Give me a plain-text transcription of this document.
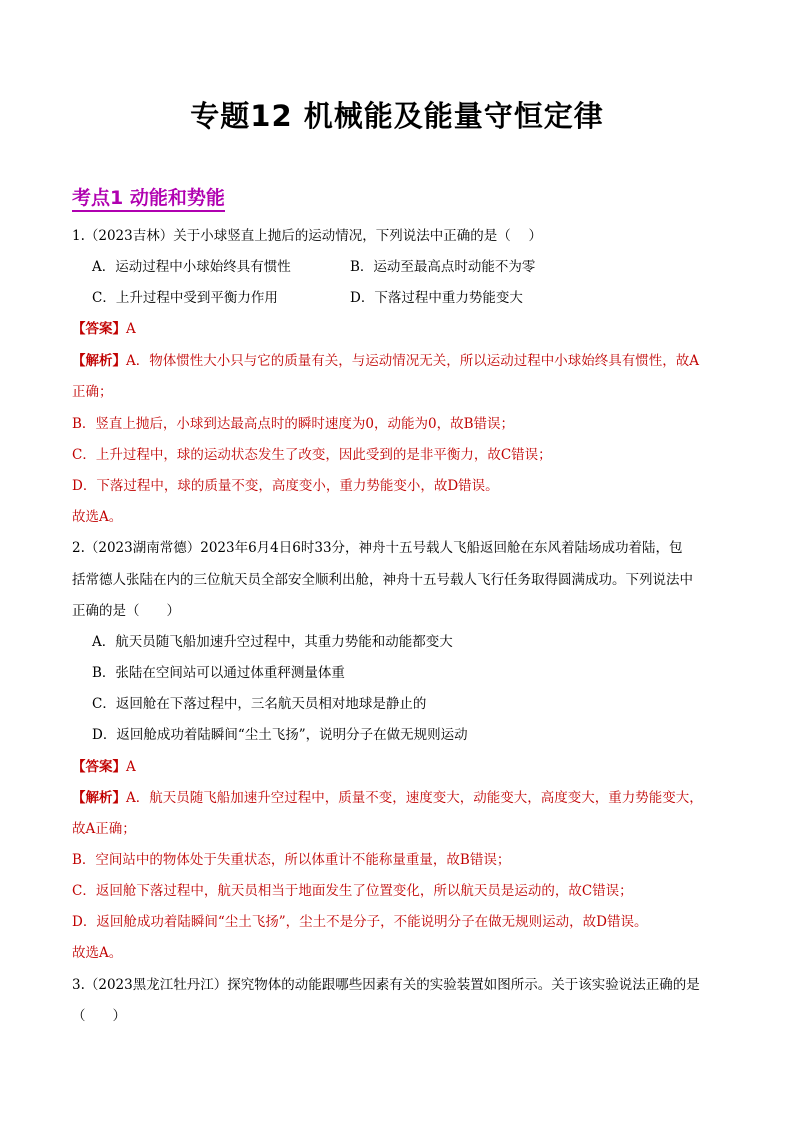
专题12 机械能及能量守恒定律
考点1 动能和势能
1.（2023吉林）关于小球竖直上抛后的运动情况，下列说法中正确的是（　 ）
A．运动过程中小球始终具有惯性	B．运动至最高点时动能不为零
C．上升过程中受到平衡力作用	D．下落过程中重力势能变大
【答案】A
【解析】A．物体惯性大小只与它的质量有关，与运动情况无关，所以运动过程中小球始终具有惯性，故A
正确；
B．竖直上抛后，小球到达最高点时的瞬时速度为0，动能为0，故B错误；
C．上升过程中，球的运动状态发生了改变，因此受到的是非平衡力，故C错误；
D．下落过程中，球的质量不变，高度变小，重力势能变小，故D错误。
故选A。
2.（2023湖南常德）2023年6月4日6时33分，神舟十五号载人飞船返回舱在东风着陆场成功着陆，包
括常德人张陆在内的三位航天员全部安全顺利出舱，神舟十五号载人飞行任务取得圆满成功。下列说法中
正确的是（　　）
A．航天员随飞船加速升空过程中，其重力势能和动能都变大
B．张陆在空间站可以通过体重秤测量体重
C．返回舱在下落过程中，三名航天员相对地球是静止的
D．返回舱成功着陆瞬间“尘土飞扬”，说明分子在做无规则运动
【答案】A
【解析】A．航天员随飞船加速升空过程中，质量不变，速度变大，动能变大，高度变大，重力势能变大，
故A正确；
B．空间站中的物体处于失重状态，所以体重计不能称量重量，故B错误；
C．返回舱下落过程中，航天员相当于地面发生了位置变化，所以航天员是运动的，故C错误；
D．返回舱成功着陆瞬间“尘土飞扬”，尘土不是分子，不能说明分子在做无规则运动，故D错误。
故选A。
3.（2023黑龙江牡丹江）探究物体的动能跟哪些因素有关的实验装置如图所示。关于该实验说法正确的是
（　　）
